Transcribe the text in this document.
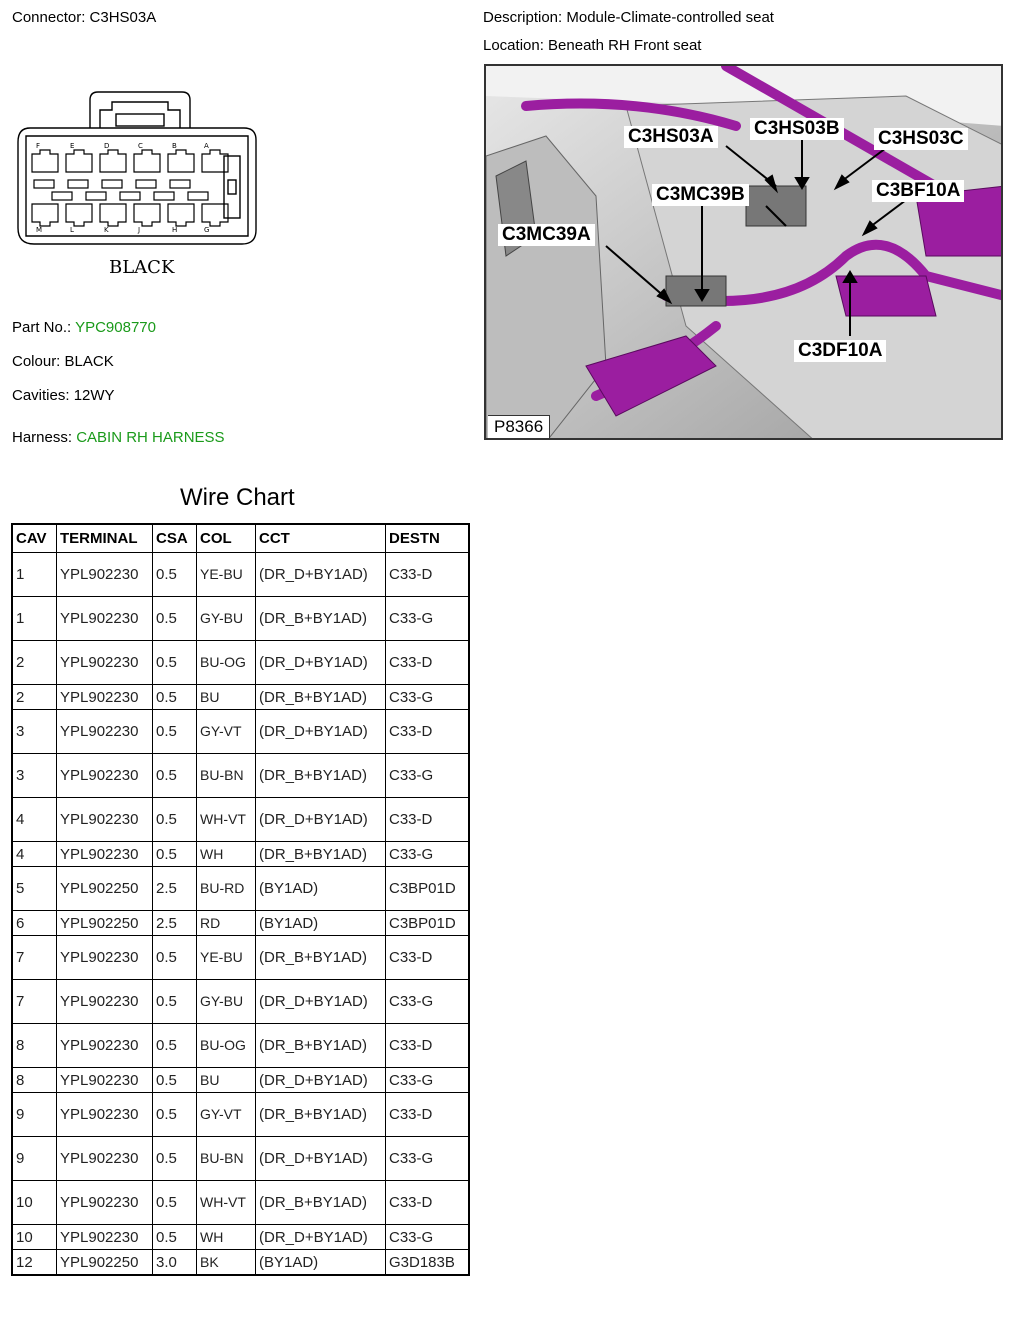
Connector: C3HS03A	Description: Module-Climate-controlled seat
Location: Beneath RH Front seat
F	E	D	C	B	A
M	L	K	J	H	G
BLACK
Part No.: YPC908770
Colour: BLACK
Cavities: 12WY
Harness: CABIN RH HARNESS
C3HS03A C3HS03B C3HS03C
C3MC39B	C3BF10A
C3MC39A
C3DF10A
P8366
Wire Chart
CAV	TERMINAL	CSA	COL	CCT	DESTN
1	YPL902230	0.5	YE-BU	(DR_D+BY1AD)	C33-D
1	YPL902230	0.5	GY-BU	(DR_B+BY1AD)	C33-G
2	YPL902230	0.5	BU-OG	(DR_D+BY1AD)	C33-D
2	YPL902230	0.5	BU	(DR_B+BY1AD)	C33-G
3	YPL902230	0.5	GY-VT	(DR_D+BY1AD)	C33-D
3	YPL902230	0.5	BU-BN	(DR_B+BY1AD)	C33-G
4	YPL902230	0.5	WH-VT	(DR_D+BY1AD)	C33-D
4	YPL902230	0.5	WH	(DR_B+BY1AD)	C33-G
5	YPL902250	2.5	BU-RD	(BY1AD)	C3BP01D
6	YPL902250	2.5	RD	(BY1AD)	C3BP01D
7	YPL902230	0.5	YE-BU	(DR_B+BY1AD)	C33-D
7	YPL902230	0.5	GY-BU	(DR_D+BY1AD)	C33-G
8	YPL902230	0.5	BU-OG	(DR_B+BY1AD)	C33-D
8	YPL902230	0.5	BU	(DR_D+BY1AD)	C33-G
9	YPL902230	0.5	GY-VT	(DR_B+BY1AD)	C33-D
9	YPL902230	0.5	BU-BN	(DR_D+BY1AD)	C33-G
10	YPL902230	0.5	WH-VT	(DR_B+BY1AD)	C33-D
10	YPL902230	0.5	WH	(DR_D+BY1AD)	C33-G
12	YPL902250	3.0	BK	(BY1AD)	G3D183B
